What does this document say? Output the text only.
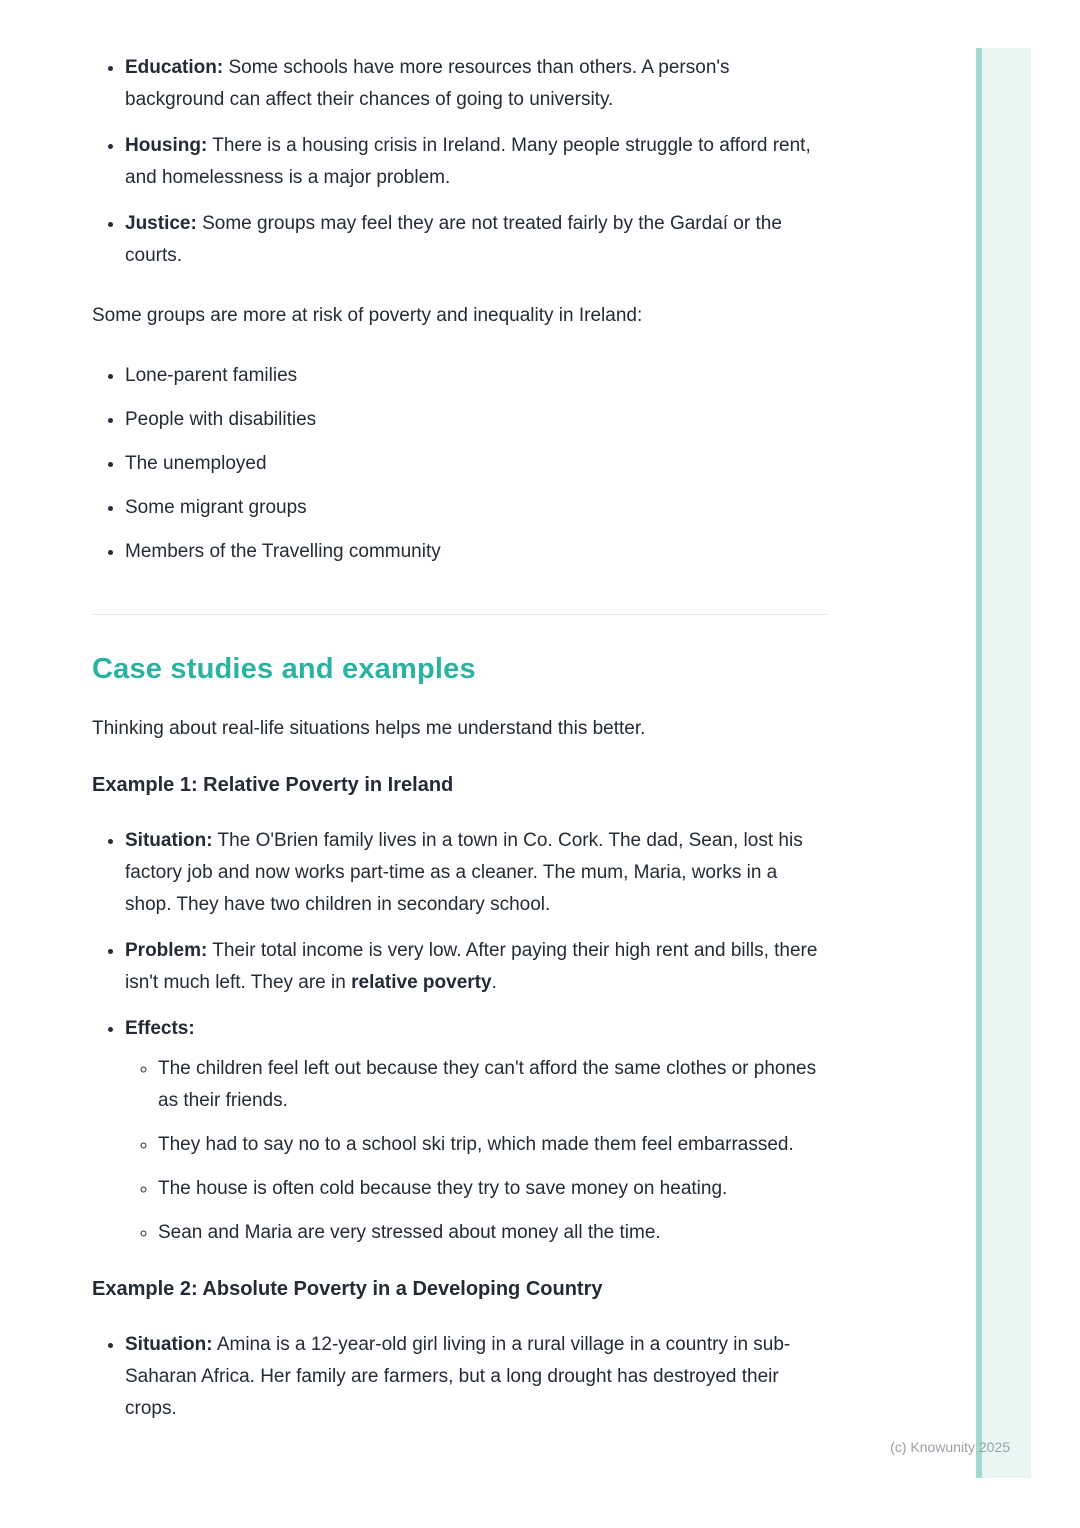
• Education: Some schools have more resources than others. A person's background can affect their chances of going to university.
• Housing: There is a housing crisis in Ireland. Many people struggle to afford rent, and homelessness is a major problem.
• Justice: Some groups may feel they are not treated fairly by the Gardaí or the courts.

Some groups are more at risk of poverty and inequality in Ireland:

• Lone-parent families
• People with disabilities
• The unemployed
• Some migrant groups
• Members of the Travelling community
Case studies and examples

Thinking about real-life situations helps me understand this better.

Example 1: Relative Poverty in Ireland
• Situation: The O'Brien family lives in a town in Co. Cork. The dad, Sean, lost his factory job and now works part-time as a cleaner. The mum, Maria, works in a shop. They have two children in secondary school.
• Problem: Their total income is very low. After paying their high rent and bills, there isn't much left. They are in relative poverty.
• Effects:
◦ The children feel left out because they can't afford the same clothes or phones as their friends.
◦ They had to say no to a school ski trip, which made them feel embarrassed.
◦ The house is often cold because they try to save money on heating.
◦ Sean and Maria are very stressed about money all the time.
Example 2: Absolute Poverty in a Developing Country
• Situation: Amina is a 12-year-old girl living in a rural village in a country in sub-Saharan Africa. Her family are farmers, but a long drought has destroyed their crops.
(c) Knowunity 2025
